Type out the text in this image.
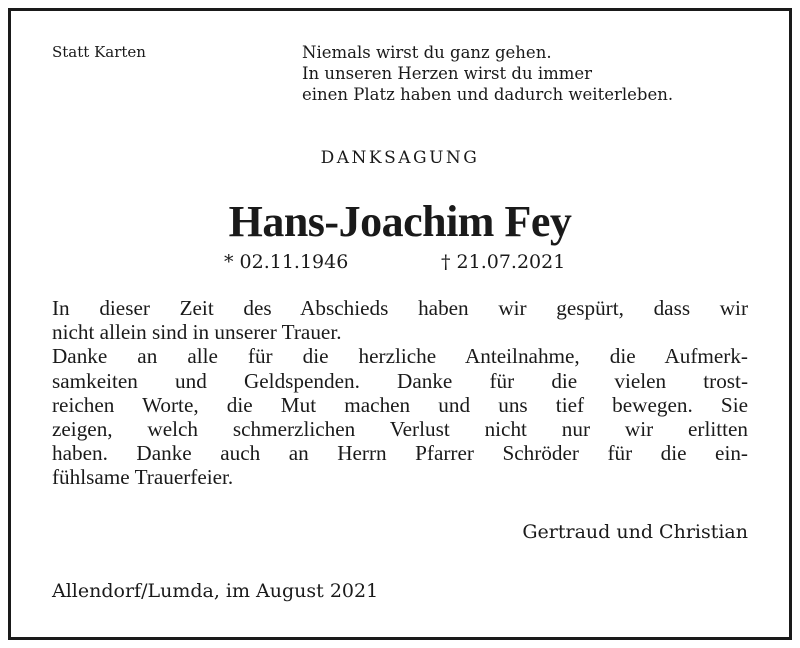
Statt Karten	Niemals wirst du ganz gehen.
In unseren Herzen wirst du immer
einen Platz haben und dadurch weiterleben.
DANKSAGUNG
Hans-Joachim Fey
* 02.11.1946	† 21.07.2021
In dieser Zeit des Abschieds haben wir gespürt, dass wir
nicht allein sind in unserer Trauer.
Danke an alle für die herzliche Anteilnahme, die Aufmerk-
samkeiten und Geldspenden. Danke für die vielen trost-
reichen Worte, die Mut machen und uns tief bewegen. Sie
zeigen, welch schmerzlichen Verlust nicht nur wir erlitten
haben. Danke auch an Herrn Pfarrer Schröder für die ein-
fühlsame Trauerfeier.
Gertraud und Christian
Allendorf/Lumda, im August 2021
